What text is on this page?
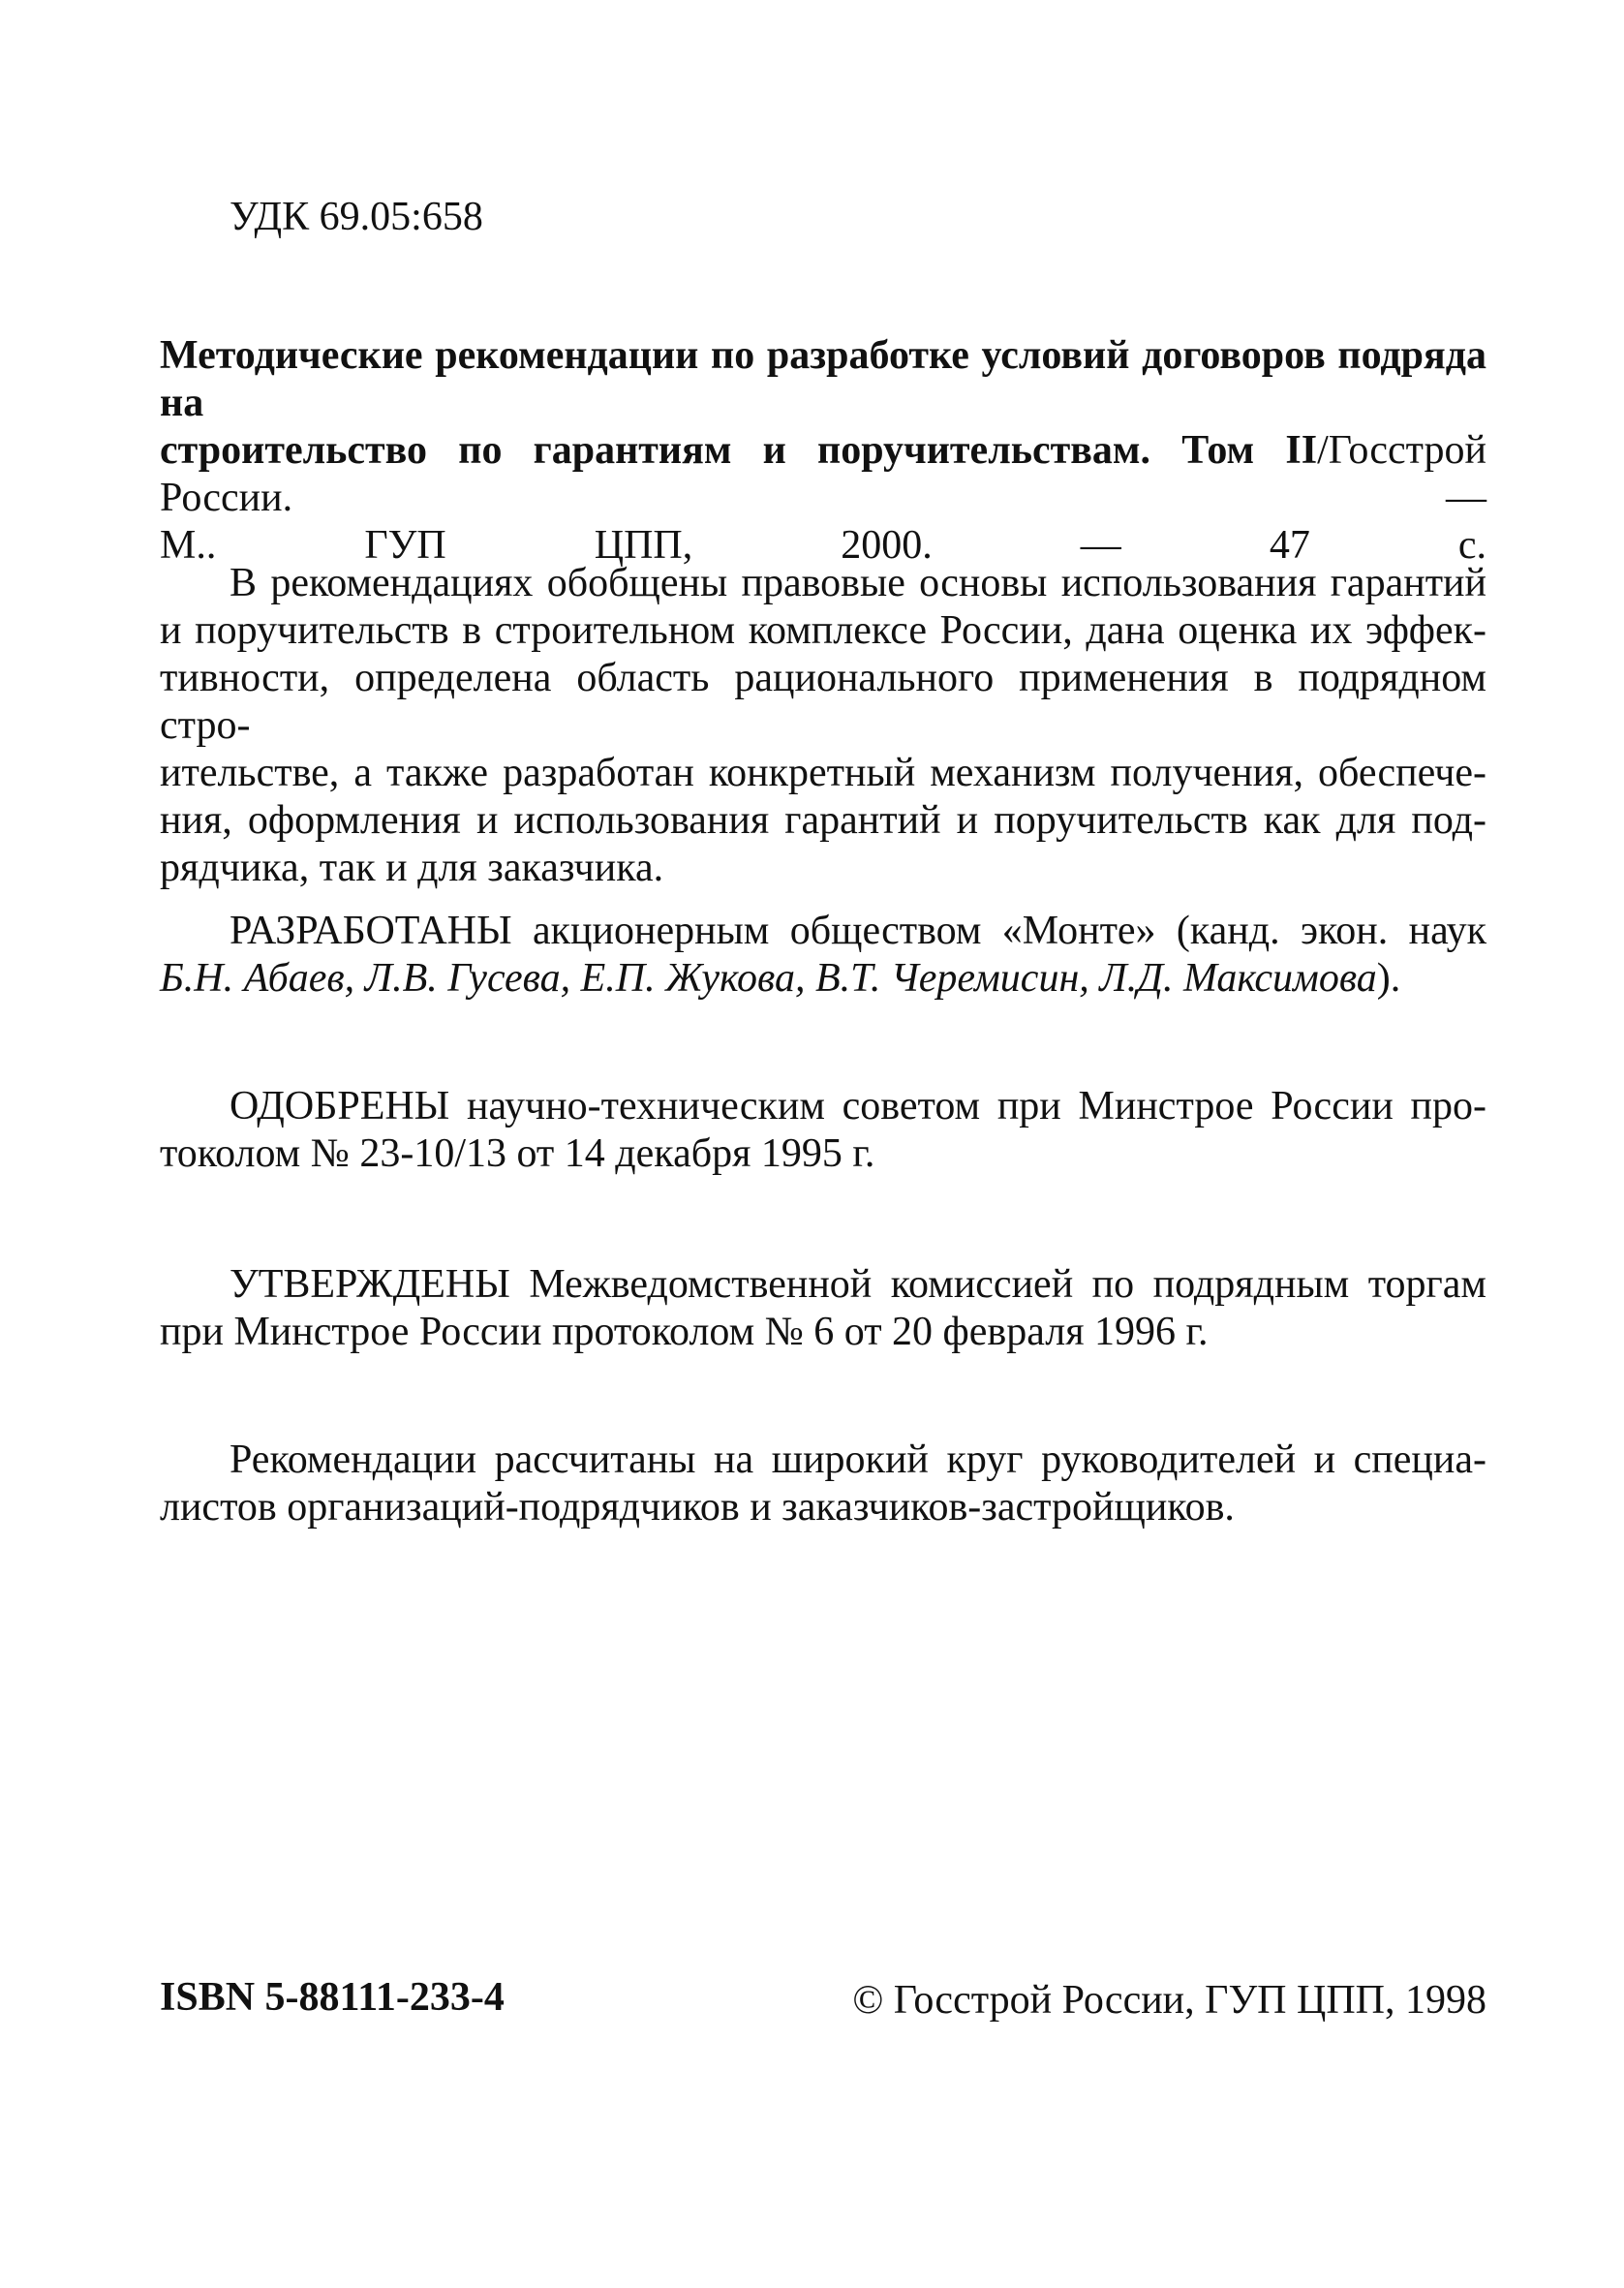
УДК 69.05:658
Методические рекомендации по разработке условий договоров подряда на
строительство по гарантиям и поручительствам. Том II/Госстрой России. —
М.. ГУП ЦПП, 2000. — 47 с.
В рекомендациях обобщены правовые основы использования гарантий
и поручительств в строительном комплексе России, дана оценка их эффек-
тивности, определена область рационального применения в подрядном стро-
ительстве, а также разработан конкретный механизм получения, обеспече-
ния, оформления и использования гарантий и поручительств как для под-
рядчика, так и для заказчика.
РАЗРАБОТАНЫ акционерным обществом «Монте» (канд. экон. наук
Б.Н. Абаев, Л.В. Гусева, Е.П. Жукова, В.Т. Черемисин, Л.Д. Максимова).
ОДОБРЕНЫ научно-техническим советом при Минстрое России про-
токолом № 23-10/13 от 14 декабря 1995 г.
УТВЕРЖДЕНЫ Межведомственной комиссией по подрядным торгам
при Минстрое России протоколом № 6 от 20 февраля 1996 г.
Рекомендации рассчитаны на широкий круг руководителей и специа-
листов организаций-подрядчиков и заказчиков-застройщиков.
ISBN 5-88111-233-4	© Госстрой России, ГУП ЦПП, 1998
